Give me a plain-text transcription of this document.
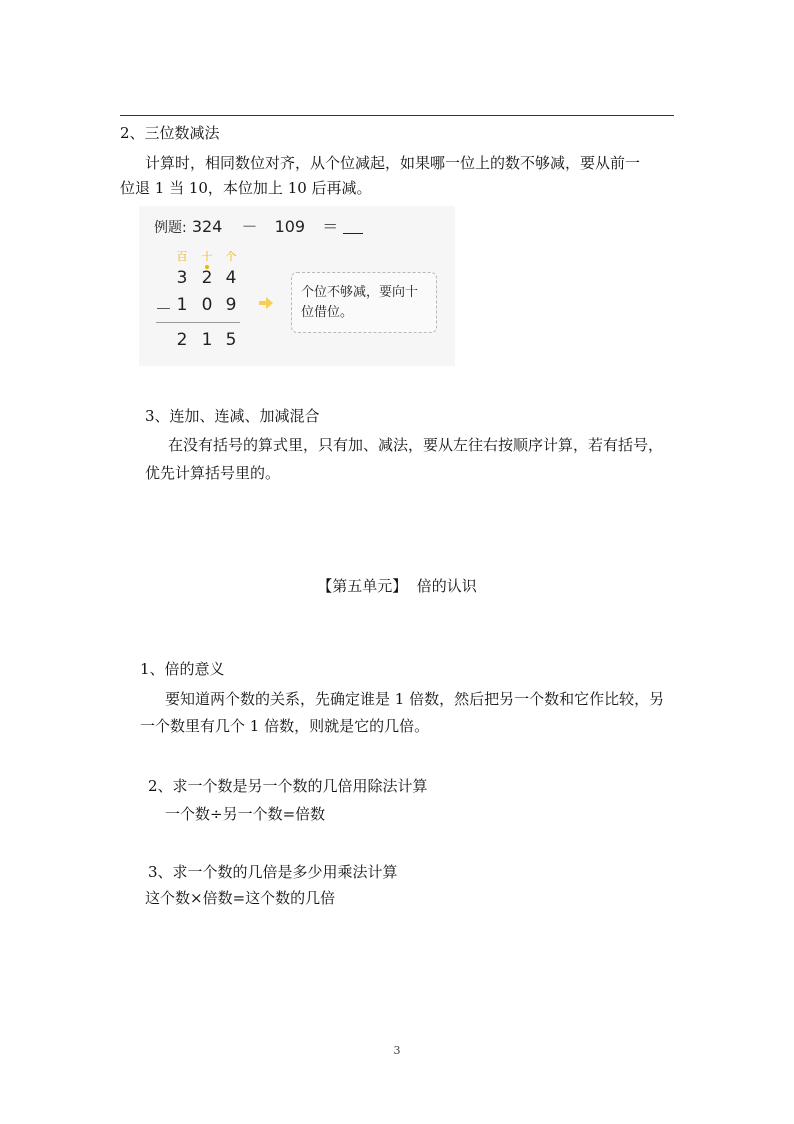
2、三位数减法
计算时，相同数位对齐，从个位减起，如果哪一位上的数不够减，要从前一
位退 1 当 10，本位加上 10 后再减。
例题: 324 － 109 ＝
百 十 个
3 2 4
－ 1 0 9
2 1 5
个位不够减，要向十
位借位。
3、连加、连减、加减混合
在没有括号的算式里，只有加、减法，要从左往右按顺序计算，若有括号，
优先计算括号里的。
【第五单元】  倍的认识
1、倍的意义
要知道两个数的关系，先确定谁是 1 倍数，然后把另一个数和它作比较，另
一个数里有几个 1 倍数，则就是它的几倍。
2、求一个数是另一个数的几倍用除法计算
一个数÷另一个数=倍数
3、求一个数的几倍是多少用乘法计算
这个数×倍数=这个数的几倍
3
